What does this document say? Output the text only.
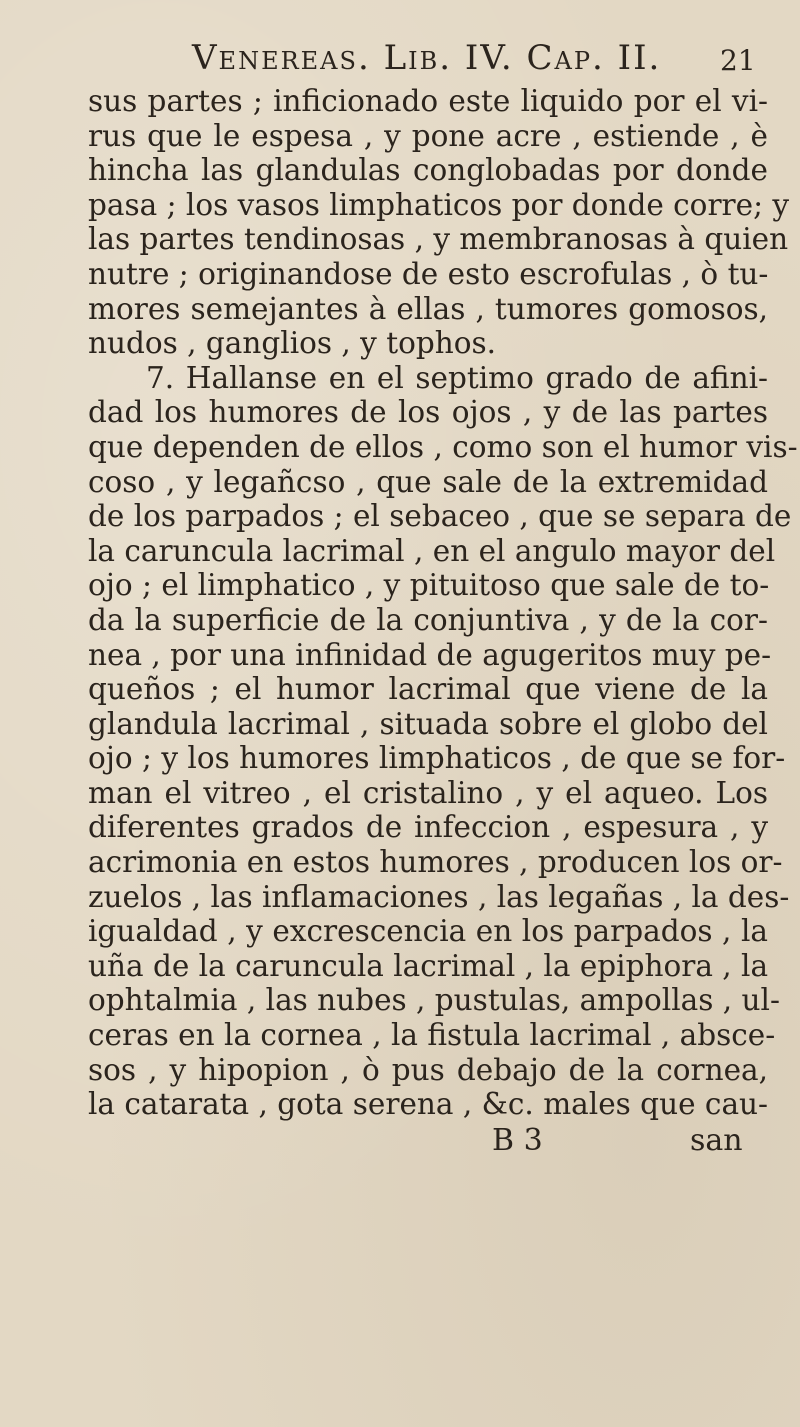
Venereas. Lib. IV. Cap. II. 21
sus partes ; inficionado este liquido por el vi-
rus que le espesa , y pone acre , estiende , è
hincha las glandulas conglobadas por donde
pasa ; los vasos limphaticos por donde corre; y
las partes tendinosas , y membranosas à quien
nutre ; originandose de esto escrofulas , ò tu-
mores semejantes à ellas , tumores gomosos,
nudos , ganglios , y tophos.
7. Hallanse en el septimo grado de afini-
dad los humores de los ojos , y de las partes
que dependen de ellos , como son el humor vis-
coso , y legañcso , que sale de la extremidad
de los parpados ; el sebaceo , que se separa de
la caruncula lacrimal , en el angulo mayor del
ojo ; el limphatico , y pituitoso que sale de to-
da la superficie de la conjuntiva , y de la cor-
nea , por una infinidad de agugeritos muy pe-
queños ; el humor lacrimal que viene de la
glandula lacrimal , situada sobre el globo del
ojo ; y los humores limphaticos , de que se for-
man el vitreo , el cristalino , y el aqueo. Los
diferentes grados de infeccion , espesura , y
acrimonia en estos humores , producen los or-
zuelos , las inflamaciones , las legañas , la des-
igualdad , y excrescencia en los parpados , la
uña de la caruncula lacrimal , la epiphora , la
ophtalmia , las nubes , pustulas, ampollas , ul-
ceras en la cornea , la fistula lacrimal , absce-
sos , y hipopion , ò pus debajo de la cornea,
la catarata , gota serena , &c. males que cau-
B 3	san
